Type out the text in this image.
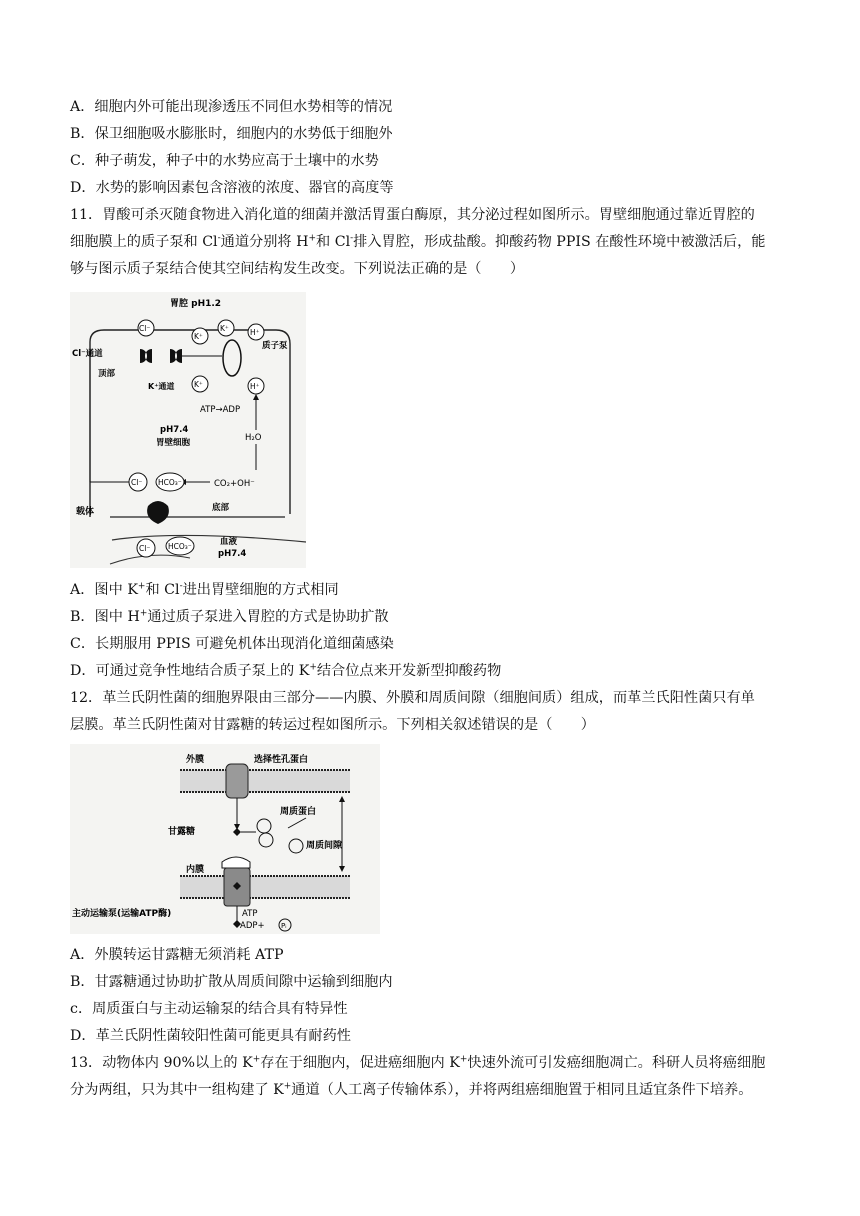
A．细胞内外可能出现渗透压不同但水势相等的情况
B．保卫细胞吸水膨胀时，细胞内的水势低于细胞外
C．种子萌发，种子中的水势应高于土壤中的水势
D．水势的影响因素包含溶液的浓度、器官的高度等
11．胃酸可杀灭随食物进入消化道的细菌并激活胃蛋白酶原，其分泌过程如图所示。胃壁细胞通过靠近胃腔的
细胞膜上的质子泵和 Cl-通道分别将 H+和 Cl-排入胃腔，形成盐酸。抑酸药物 PPIS 在酸性环境中被激活后，能
够与图示质子泵结合使其空间结构发生改变。下列说法正确的是（　　）
胃腔 pH1.2
Cl⁻通道
顶部
K⁺通道
质子泵
Cl⁻
K⁺
K⁺	H⁺
K⁺	H⁺
ATP→ADP
pH7.4
胃壁细胞	H₂O
CO₂+OH⁻
Cl⁻ HCO₃⁻
载体	底部
血液
pH7.4
Cl⁻ HCO₃⁻
A．图中 K+和 Cl-进出胃壁细胞的方式相同
B．图中 H+通过质子泵进入胃腔的方式是协助扩散
C．长期服用 PPIS 可避免机体出现消化道细菌感染
D．可通过竞争性地结合质子泵上的 K+结合位点来开发新型抑酸药物
12．革兰氏阴性菌的细胞界限由三部分——内膜、外膜和周质间隙（细胞间质）组成，而革兰氏阳性菌只有单
层膜。革兰氏阴性菌对甘露糖的转运过程如图所示。下列相关叙述错误的是（　　）
外膜	选择性孔蛋白
甘露糖
周质蛋白
周质间隙
内膜
ATP
ADP+ Pᵢ
主动运输泵(运输ATP酶)
A．外膜转运甘露糖无须消耗 ATP
B．甘露糖通过协助扩散从周质间隙中运输到细胞内
c．周质蛋白与主动运输泵的结合具有特异性
D．革兰氏阴性菌较阳性菌可能更具有耐药性
13．动物体内 90%以上的 K+存在于细胞内，促进癌细胞内 K+快速外流可引发癌细胞凋亡。科研人员将癌细胞
分为两组，只为其中一组构建了 K+通道（人工离子传输体系），并将两组癌细胞置于相同且适宜条件下培养。
